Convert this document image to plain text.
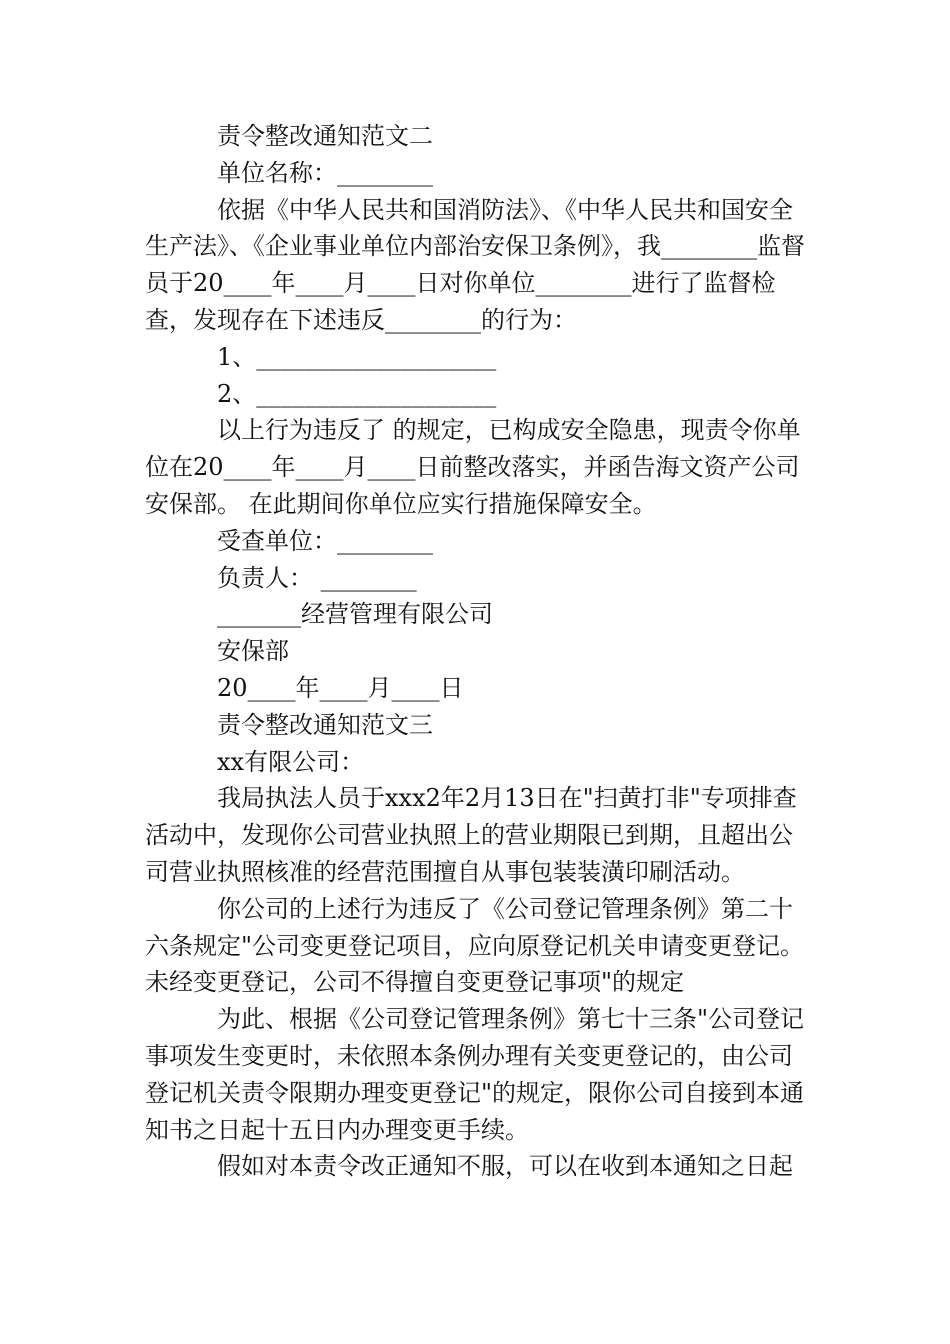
责令整改通知范文二

单位名称：________

依据《中华人民共和国消防法》、《中华人民共和国安全生产法》、《企业事业单位内部治安保卫条例》，我________监督员于20____年____月____日对你单位________进行了监督检查，发现存在下述违反________的行为：

1、____________________

2、____________________

以上行为违反了 的规定，已构成安全隐患，现责令你单位在20____年____月____日前整改落实，并函告海文资产公司安保部。 在此期间你单位应实行措施保障安全。

受查单位：________

负责人： ________

_______经营管理有限公司

安保部

20____年____月____日

责令整改通知范文三

xx有限公司：

我局执法人员于xxx2年2月13日在"扫黄打非"专项排查活动中，发现你公司营业执照上的营业期限已到期，且超出公司营业执照核准的经营范围擅自从事包装装潢印刷活动。

你公司的上述行为违反了《公司登记管理条例》第二十六条规定"公司变更登记项目，应向原登记机关申请变更登记。未经变更登记，公司不得擅自变更登记事项"的规定

为此、根据《公司登记管理条例》第七十三条"公司登记事项发生变更时，未依照本条例办理有关变更登记的，由公司登记机关责令限期办理变更登记"的规定，限你公司自接到本通知书之日起十五日内办理变更手续。

假如对本责令改正通知不服，可以在收到本通知之日起
